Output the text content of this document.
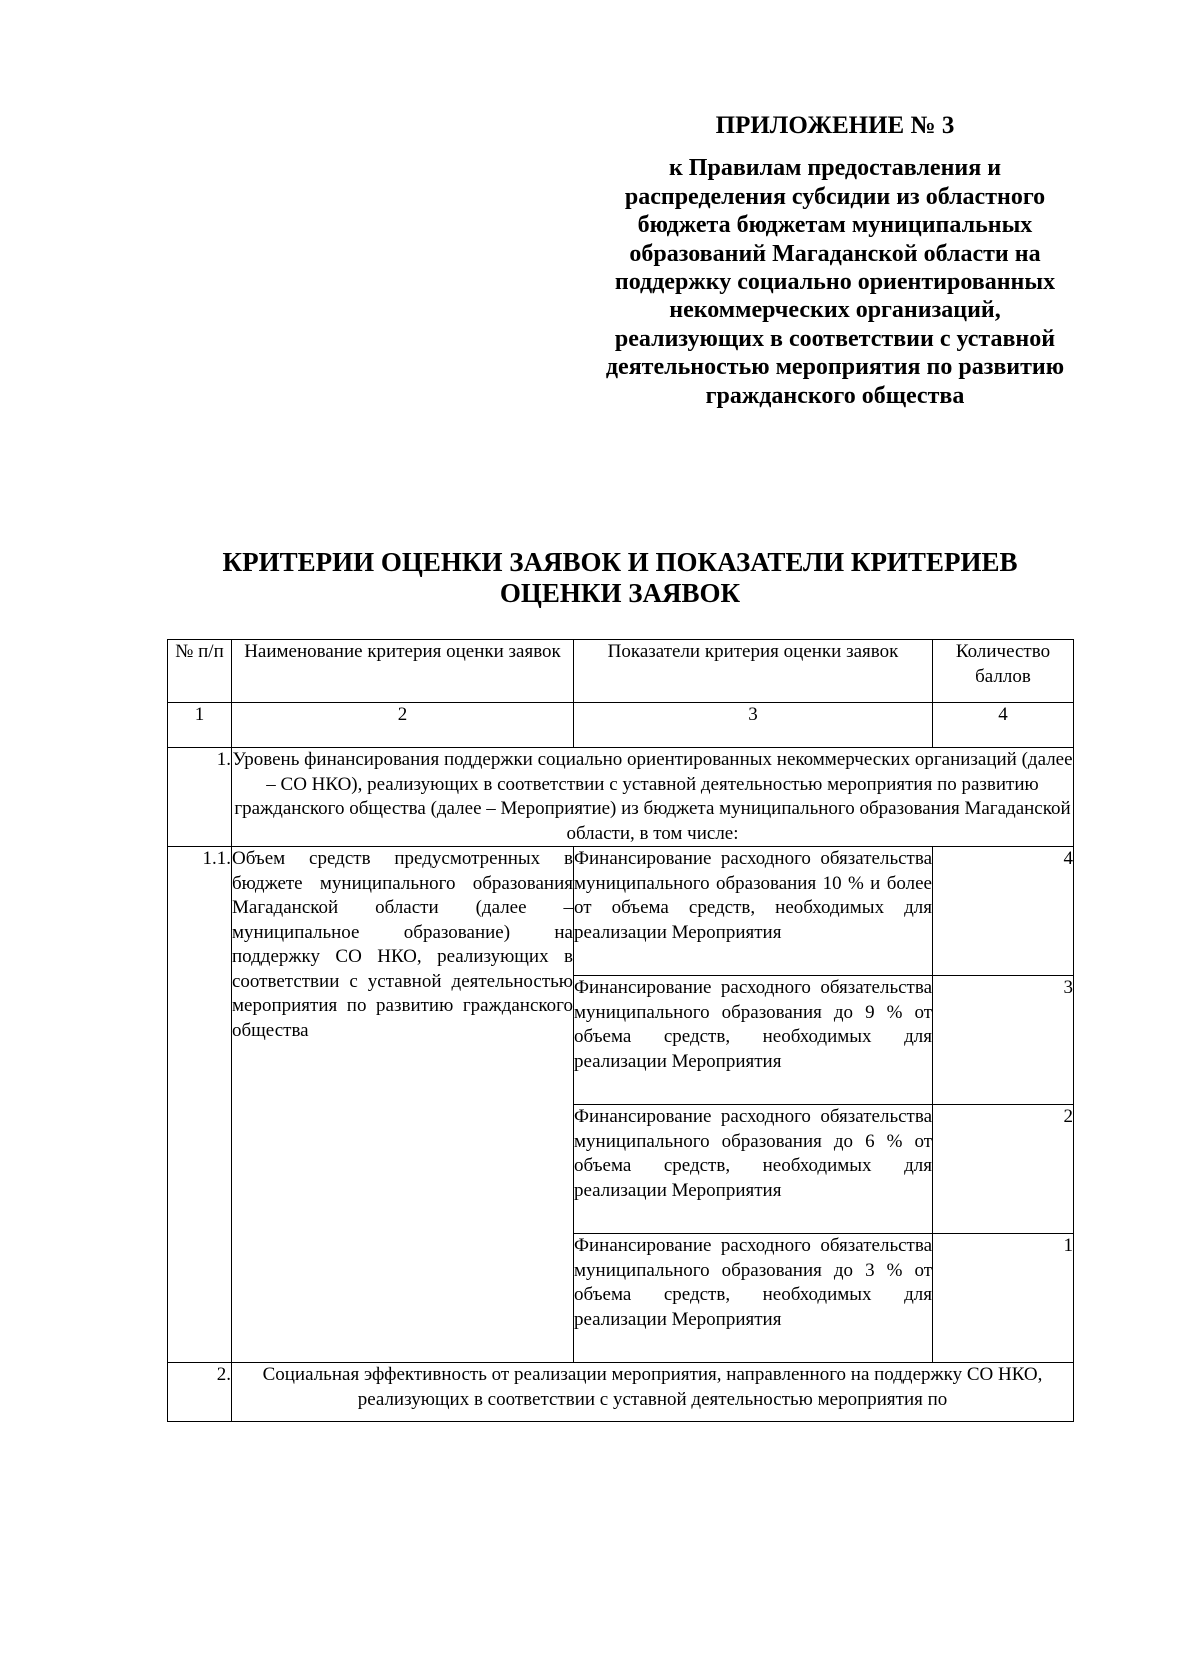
ПРИЛОЖЕНИЕ № 3
к Правилам предоставления и распределения субсидии из областного бюджета бюджетам муниципальных образований Магаданской области на поддержку социально ориентированных некоммерческих организаций, реализующих в соответствии с уставной деятельностью мероприятия по развитию гражданского общества
КРИТЕРИИ ОЦЕНКИ ЗАЯВОК И ПОКАЗАТЕЛИ КРИТЕРИЕВ ОЦЕНКИ ЗАЯВОК
№ п/п	Наименование критерия оценки заявок	Показатели критерия оценки заявок	Количество баллов
1	2	3	4
1.	Уровень финансирования поддержки социально ориентированных некоммерческих организаций (далее – СО НКО), реализующих в соответствии с уставной деятельностью мероприятия по развитию гражданского общества (далее – Мероприятие) из бюджета муниципального образования Магаданской области, в том числе:		
1.1.	Объем средств предусмотренных в бюджете муниципального образования Магаданской области (далее – муниципальное образование) на поддержку СО НКО, реализующих в соответствии с уставной деятельностью мероприятия по развитию гражданского общества	Финансирование расходного обязательства муниципального образования 10 % и более от объема средств, необходимых для реализации Мероприятия	4
		Финансирование расходного обязательства муниципального образования до 9 % от объема средств, необходимых для реализации Мероприятия	3
		Финансирование расходного обязательства муниципального образования до 6 % от объема средств, необходимых для реализации Мероприятия	2
		Финансирование расходного обязательства муниципального образования до 3 % от объема средств, необходимых для реализации Мероприятия	1
2.	Социальная эффективность от реализации мероприятия, направленного на поддержку СО НКО, реализующих в соответствии с уставной деятельностью мероприятия по		
